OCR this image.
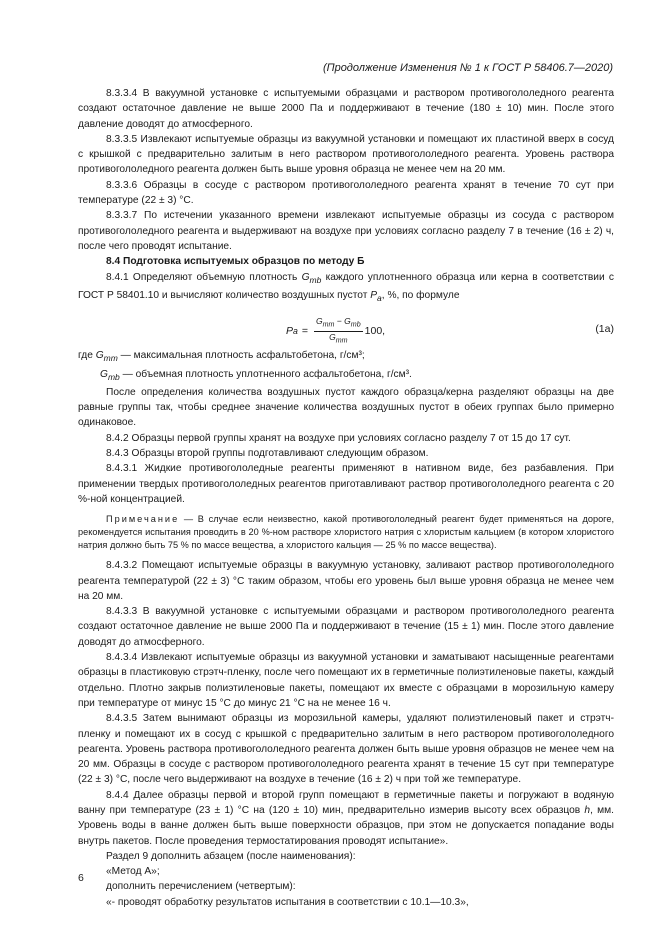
(Продолжение Изменения № 1 к ГОСТ Р 58406.7—2020)

8.3.3.4 В вакуумной установке с испытуемыми образцами и раствором противогололедного реагента создают остаточное давление не выше 2000 Па и поддерживают в течение (180 ± 10) мин. После этого давление доводят до атмосферного.

8.3.3.5 Извлекают испытуемые образцы из вакуумной установки и помещают их пластиной вверх в сосуд с крышкой с предварительно залитым в него раствором противогололедного реагента. Уровень раствора противогололедного реагента должен быть выше уровня образца не менее чем на 20 мм.

8.3.3.6 Образцы в сосуде с раствором противогололедного реагента хранят в течение 70 сут при температуре (22 ± 3) °С.

8.3.3.7 По истечении указанного времени извлекают испытуемые образцы из сосуда с раствором противогололедного реагента и выдерживают на воздухе при условиях согласно разделу 7 в течение (16 ± 2) ч, после чего проводят испытание.

8.4 Подготовка испытуемых образцов по методу Б

8.4.1 Определяют объемную плотность $G_{mb}$ каждого уплотненного образца или керна в соответствии с ГОСТ Р 58401.10 и вычисляют количество воздушных пустот $P_a$, %, по формуле

P $a = \frac{G_{mm} - G_{mb}}{G_{mm}} 100$,	(1а)

где $G_{mm}$ — максимальная плотность асфальтобетона, г/см³;

$G_{mb}$ — объемная плотность уплотненного асфальтобетона, г/см³.

После определения количества воздушных пустот каждого образца/керна разделяют образцы на две равные группы так, чтобы среднее значение количества воздушных пустот в обеих группах было примерно одинаковое.

8.4.2 Образцы первой группы хранят на воздухе при условиях согласно разделу 7 от 15 до 17 сут.

8.4.3 Образцы второй группы подготавливают следующим образом.

8.4.3.1 Жидкие противогололедные реагенты применяют в нативном виде, без разбавления. При применении твердых противогололедных реагентов приготавливают раствор противогололедного реагента с 20 %-ной концентрацией.

Примечание — В случае если неизвестно, какой противогололедный реагент будет применяться на дороге, рекомендуется испытания проводить в 20 %-ном растворе хлористого натрия с хлористым кальцием (в котором хлористого натрия должно быть 75 % по массе вещества, а хлористого кальция — 25 % по массе вещества).

8.4.3.2 Помещают испытуемые образцы в вакуумную установку, заливают раствор противогололедного реагента температурой (22 ± 3) °С таким образом, чтобы его уровень был выше уровня образца не менее чем на 20 мм.

8.4.3.3 В вакуумной установке с испытуемыми образцами и раствором противогололедного реагента создают остаточное давление не выше 2000 Па и поддерживают в течение (15 ± 1) мин. После этого давление доводят до атмосферного.

8.4.3.4 Извлекают испытуемые образцы из вакуумной установки и заматывают насыщенные реагентами образцы в пластиковую стрэтч-пленку, после чего помещают их в герметичные полиэтиленовые пакеты, каждый отдельно. Плотно закрыв полиэтиленовые пакеты, помещают их вместе с образцами в морозильную камеру при температуре от минус 15 °С до минус 21 °С на не менее 16 ч.

8.4.3.5 Затем вынимают образцы из морозильной камеры, удаляют полиэтиленовый пакет и стрэтч-пленку и помещают их в сосуд с крышкой с предварительно залитым в него раствором противогололедного реагента. Уровень раствора противогололедного реагента должен быть выше уровня образцов не менее чем на 20 мм. Образцы в сосуде с раствором противогололедного реагента хранят в течение 15 сут при температуре (22 ± 3) °С, после чего выдерживают на воздухе в течение (16 ± 2) ч при той же температуре.

8.4.4 Далее образцы первой и второй групп помещают в герметичные пакеты и погружают в водяную ванну при температуре (23 ± 1) °С на (120 ± 10) мин, предварительно измерив высоту всех образцов h, мм. Уровень воды в ванне должен быть выше поверхности образцов, при этом не допускается попадание воды внутрь пакетов. После проведения термостатирования проводят испытание».

Раздел 9 дополнить абзацем (после наименования):

«Метод А»;

дополнить перечислением (четвертым):

«- проводят обработку результатов испытания в соответствии с 10.1—10.3»,

6
